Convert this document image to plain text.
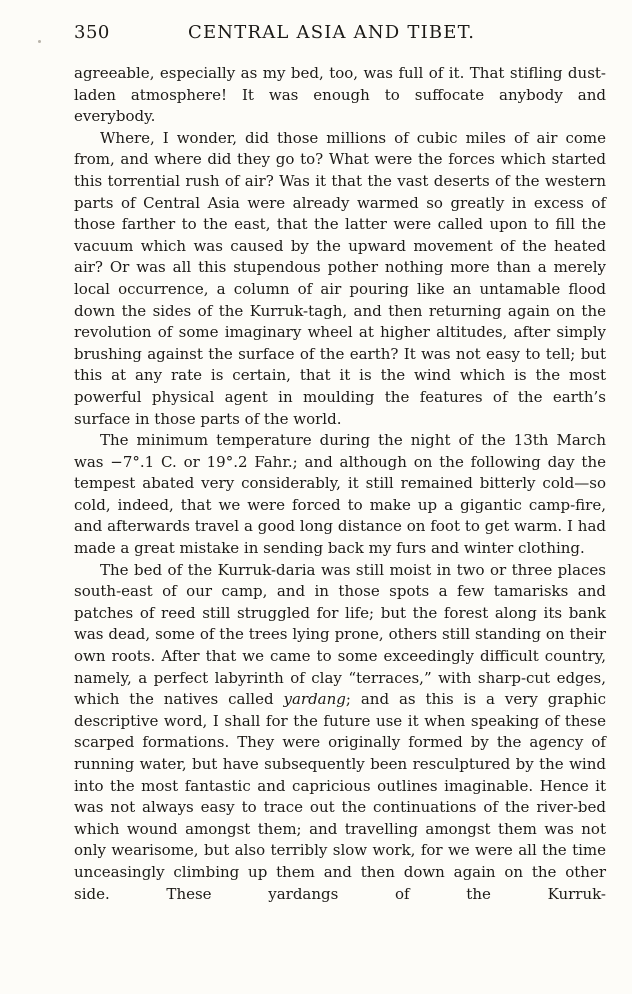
350	CENTRAL ASIA AND TIBET.

agreeable, especially as my bed, too, was full of it. That stifling dust-laden atmosphere! It was enough to suffocate anybody and everybody.

Where, I wonder, did those millions of cubic miles of air come from, and where did they go to? What were the forces which started this torrential rush of air? Was it that the vast deserts of the western parts of Central Asia were already warmed so greatly in excess of those farther to the east, that the latter were called upon to fill the vacuum which was caused by the upward movement of the heated air? Or was all this stupendous pother nothing more than a merely local occurrence, a column of air pouring like an untamable flood down the sides of the Kurruk-tagh, and then returning again on the revolution of some imaginary wheel at higher altitudes, after simply brushing against the surface of the earth? It was not easy to tell; but this at any rate is certain, that it is the wind which is the most powerful physical agent in moulding the features of the earth’s surface in those parts of the world.

The minimum temperature during the night of the 13th March was −7°.1 C. or 19°.2 Fahr.; and although on the following day the tempest abated very considerably, it still remained bitterly cold—so cold, indeed, that we were forced to make up a gigantic camp-fire, and afterwards travel a good long distance on foot to get warm. I had made a great mistake in sending back my furs and winter clothing.

The bed of the Kurruk-daria was still moist in two or three places south-east of our camp, and in those spots a few tamarisks and patches of reed still struggled for life; but the forest along its bank was dead, some of the trees lying prone, others still standing on their own roots. After that we came to some exceedingly difficult country, namely, a perfect labyrinth of clay “terraces,” with sharp-cut edges, which the natives called yardang; and as this is a very graphic descriptive word, I shall for the future use it when speaking of these scarped formations. They were originally formed by the agency of running water, but have subsequently been resculptured by the wind into the most fantastic and capricious outlines imaginable. Hence it was not always easy to trace out the continuations of the river-bed which wound amongst them; and travelling amongst them was not only wearisome, but also terribly slow work, for we were all the time unceasingly climbing up them and then down again on the other side. These yardangs of the Kurruk-
